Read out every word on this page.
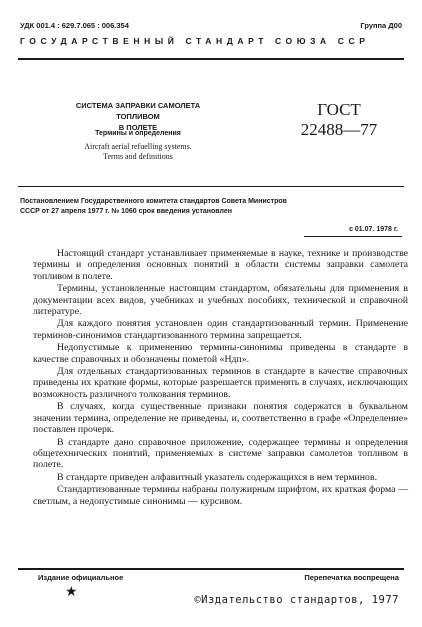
УДК 001.4 : 629.7.065 : 006.354	Группа Д00
ГОСУДАРСТВЕННЫЙ СТАНДАРТ СОЮЗА ССР
СИСТЕМА ЗАПРАВКИ САМОЛЕТА ТОПЛИВОМ
В ПОЛЕТЕ
Термины и определения
Aircraft aerial refuelling systems.
Terms and definitions
ГОСТ
22488—77
Постановлением Государственного комитета стандартов Совета Министров
СССР от 27 апреля 1977 г. № 1060 срок введения установлен
с 01.07. 1978 г.

Настоящий стандарт устанавливает применяемые в науке, технике и производстве термины и определения основных понятий в области системы заправки самолета топливом в полете.

Термины, установленные настоящим стандартом, обязательны для применения в документации всех видов, учебниках и учебных пособиях, технической и справочной литературе.

Для каждого понятия установлен один стандартизованный термин. Применение терминов-синонимов стандартизованного термина запрещается.

Недопустимые к применению термины-синонимы приведены в стандарте в качестве справочных и обозначены пометой «Ндп».

Для отдельных стандартизованных терминов в стандарте в качестве справочных приведены их краткие формы, которые разрешается применять в случаях, исключающих возможность различного толкования терминов.

В случаях, когда существенные признаки понятия содержатся в буквальном значении термина, определение не приведены, и, соответственно в графе «Определение» поставлен прочерк.

В стандарте дано справочное приложение, содержащее термины и определения общетехнических понятий, применяемых в системе заправки самолетов топливом в полете.

В стандарте приведен алфавитный указатель содержащихся в нем терминов.

Стандартизованные термины набраны полужирным шрифтом, их краткая форма — светлым, а недопустимые синонимы — курсивом.

Издание официальное	Перепечатка воспрещена
★	©Издательство стандартов, 1977
